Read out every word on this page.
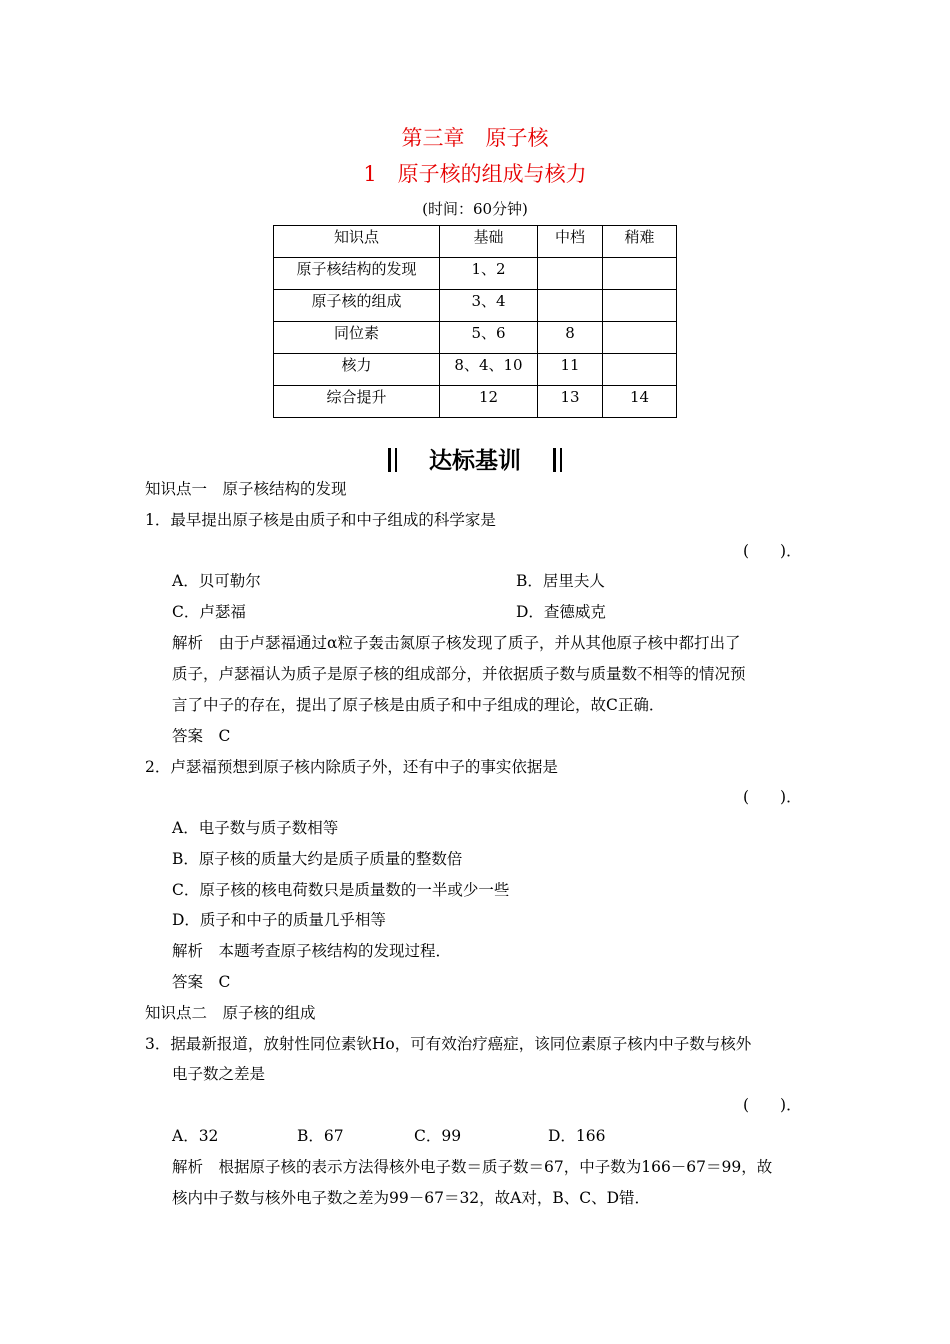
第三章　原子核
1　原子核的组成与核力
(时间：60分钟)
知识点	基础	中档	稍难
原子核结构的发现	1、2		
原子核的组成	3、4		
同位素	5、6	8	
核力	8、4、10	11	
综合提升	12	13	14
达标基训
知识点一　原子核结构的发现
1．最早提出原子核是由质子和中子组成的科学家是
(　　)．
A．贝可勒尔	B．居里夫人
C．卢瑟福	D．查德威克
解析　由于卢瑟福通过α粒子轰击氮原子核发现了质子，并从其他原子核中都打出了
质子，卢瑟福认为质子是原子核的组成部分，并依据质子数与质量数不相等的情况预
言了中子的存在，提出了原子核是由质子和中子组成的理论，故C正确．
答案　C
2．卢瑟福预想到原子核内除质子外，还有中子的事实依据是
(　　)．
A．电子数与质子数相等
B．原子核的质量大约是质子质量的整数倍
C．原子核的核电荷数只是质量数的一半或少一些
D．质子和中子的质量几乎相等
解析　本题考查原子核结构的发现过程．
答案　C
知识点二　原子核的组成
3．据最新报道，放射性同位素钬Ho，可有效治疗癌症，该同位素原子核内中子数与核外
电子数之差是
(　　)．
A．32	B．67	C．99	D．166
解析　根据原子核的表示方法得核外电子数＝质子数＝67，中子数为166－67＝99，故
核内中子数与核外电子数之差为99－67＝32，故A对，B、C、D错．
